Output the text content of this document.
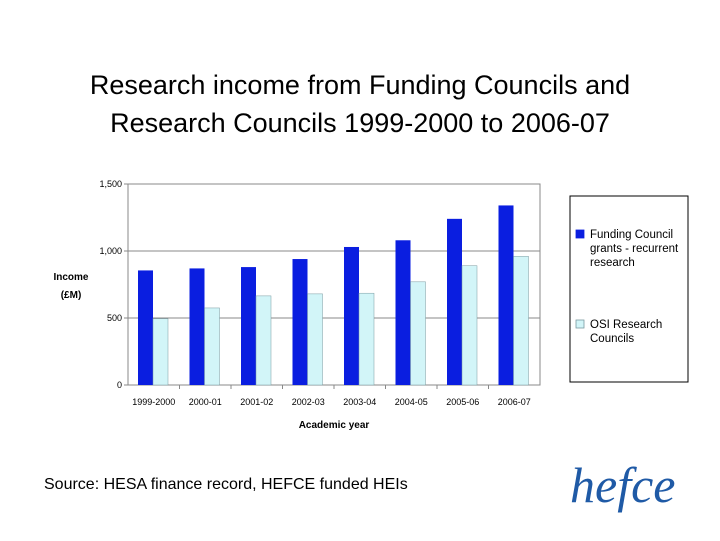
Research income from Funding Councils and
Research Councils 1999-2000 to 2006-07
0
500
1,000
1,500
1999-2000 2000-01 2001-02 2002-03 2003-04 2004-05 2005-06 2006-07
Income
(£M)
Academic year
Funding Council
grants - recurrent
research
OSI Research
Councils
Source: HESA finance record, HEFCE funded HEIs	hefce
